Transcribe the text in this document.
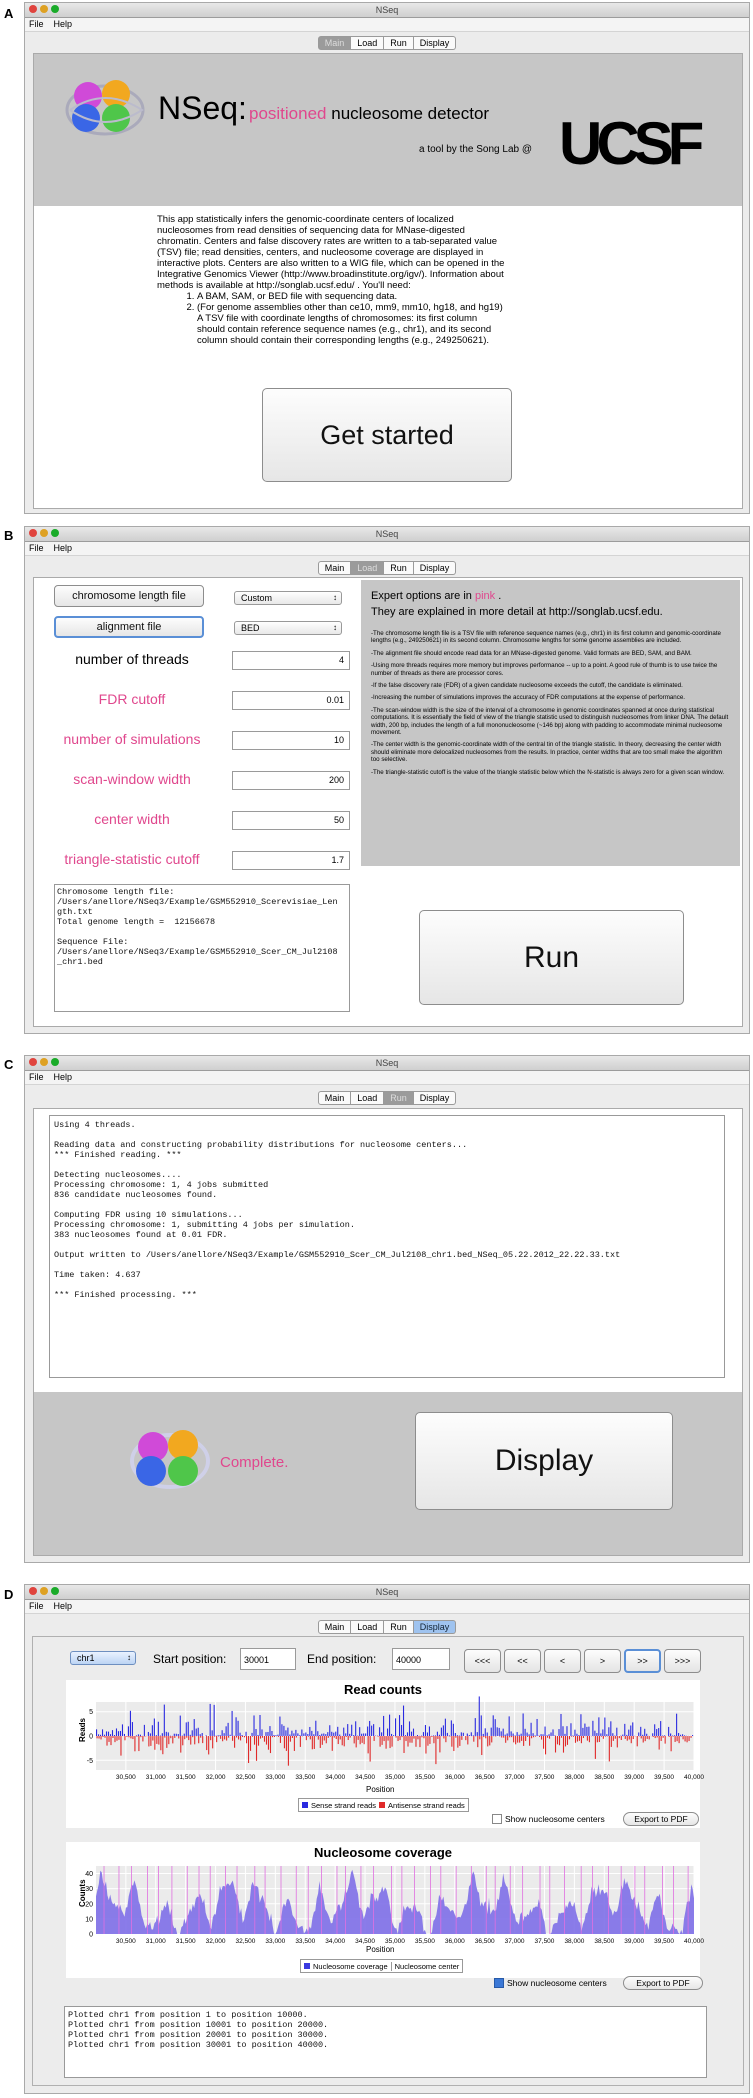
A	NSeq
File Help
Main	Load	Run	Display
NSeq: positioned nucleosome detector
a tool by the Song Lab @ UCSF
This app statistically infers the genomic-coordinate centers of localized nucleosomes from read densities of sequencing data for MNase-digested chromatin. Centers and false discovery rates are written to a tab-separated value (TSV) file; read densities, centers, and nucleosome coverage are displayed in interactive plots. Centers are also written to a WIG file, which can be opened in the Integrative Genomics Viewer (http://www.broadinstitute.org/igv/). Information about methods is available at http://songlab.ucsf.edu/ . You'll need:
1. A BAM, SAM, or BED file with sequencing data.
2. (For genome assemblies other than ce10, mm9, mm10, hg18, and hg19) A TSV file with coordinate lengths of chromosomes: its first column should contain reference sequence names (e.g., chr1), and its second column should contain their corresponding lengths (e.g., 249250621).
Get started
B	NSeq
File Help
Main	Load	Run	Display
chromosome length file
alignment file
Custom ↕
BED ↕
number of threads	4
FDR cutoff	0.01
number of simulations	10
scan-window width	200
center width	50
triangle-statistic cutoff	1.7
Chromosome length file:
/Users/anellore/NSeq3/Example/GSM552910_Scerevisiae_Len
gth.txt
Total genome length =  12156678

Sequence File:
/Users/anellore/NSeq3/Example/GSM552910_Scer_CM_Jul2108
_chr1.bed
Expert options are in pink .
They are explained in more detail at http://songlab.ucsf.edu.

-The chromosome length file is a TSV file with reference sequence names (e.g., chr1) in its first column and genomic-coordinate lengths (e.g., 249250621) in its second column. Chromosome lengths for some genome assemblies are included.

-The alignment file should encode read data for an MNase-digested genome. Valid formats are BED, SAM, and BAM.

-Using more threads requires more memory but improves performance -- up to a point. A good rule of thumb is to use twice the number of threads as there are processor cores.

-If the false discovery rate (FDR) of a given candidate nucleosome exceeds the cutoff, the candidate is eliminated.

-Increasing the number of simulations improves the accuracy of FDR computations at the expense of performance.

-The scan-window width is the size of the interval of a chromosome in genomic coordinates spanned at once during statistical computations. It is essentially the field of view of the triangle statistic used to distinguish nucleosomes from linker DNA. The default width, 200 bp, includes the length of a full mononucleosome (~146 bp) along with padding to accommodate minimal nucleosome movement.

-The center width is the genomic-coordinate width of the central tin of the triangle statistic. In theory, decreasing the center width should eliminate more delocalized nucleosomes from the results. In practice, center widths that are too small make the algorithm too selective.

-The triangle-statistic cutoff is the value of the triangle statistic below which the N-statistic is always zero for a given scan window.

Run
C	NSeq
File Help
Main	Load	Run	Display
Using 4 threads.

Reading data and constructing probability distributions for nucleosome centers...
*** Finished reading. ***

Detecting nucleosomes....
Processing chromosome: 1, 4 jobs submitted
836 candidate nucleosomes found.

Computing FDR using 10 simulations...
Processing chromosome: 1, submitting 4 jobs per simulation.
383 nucleosomes found at 0.01 FDR.

Output written to /Users/anellore/NSeq3/Example/GSM552910_Scer_CM_Jul2108_chr1.bed_NSeq_05.22.2012_22.22.33.txt

Time taken: 4.637

*** Finished processing. ***
Complete.	Display
D	NSeq
File Help
Main	Load	Run	Display
chr1 ↕	Start position:	30001	End position:	40000	<<<	<<	<	>	>>	>>>
Read counts
Reads
30,500 31,000 31,500 32,000 32,500 33,000 33,500 34,000 34,500 35,000 35,500 36,000 36,500 37,000 37,500 38,000 38,500 39,000 39,500 40,000
5
0
-5
Position
Sense strand reads Antisense strand reads
Show nucleosome centers	Export to PDF
Nucleosome coverage
Counts
30,500 31,000 31,500 32,000 32,500 33,000 33,500 34,000 34,500 35,000 35,500 36,000 36,500 37,000 37,500 38,000 38,500 39,000 39,500 40,000
40
30
20
10
0
Position
Nucleosome coverage Nucleosome center
Show nucleosome centers	Export to PDF
Plotted chr1 from position 1 to position 10000.
Plotted chr1 from position 10001 to position 20000.
Plotted chr1 from position 20001 to position 30000.
Plotted chr1 from position 30001 to position 40000.
